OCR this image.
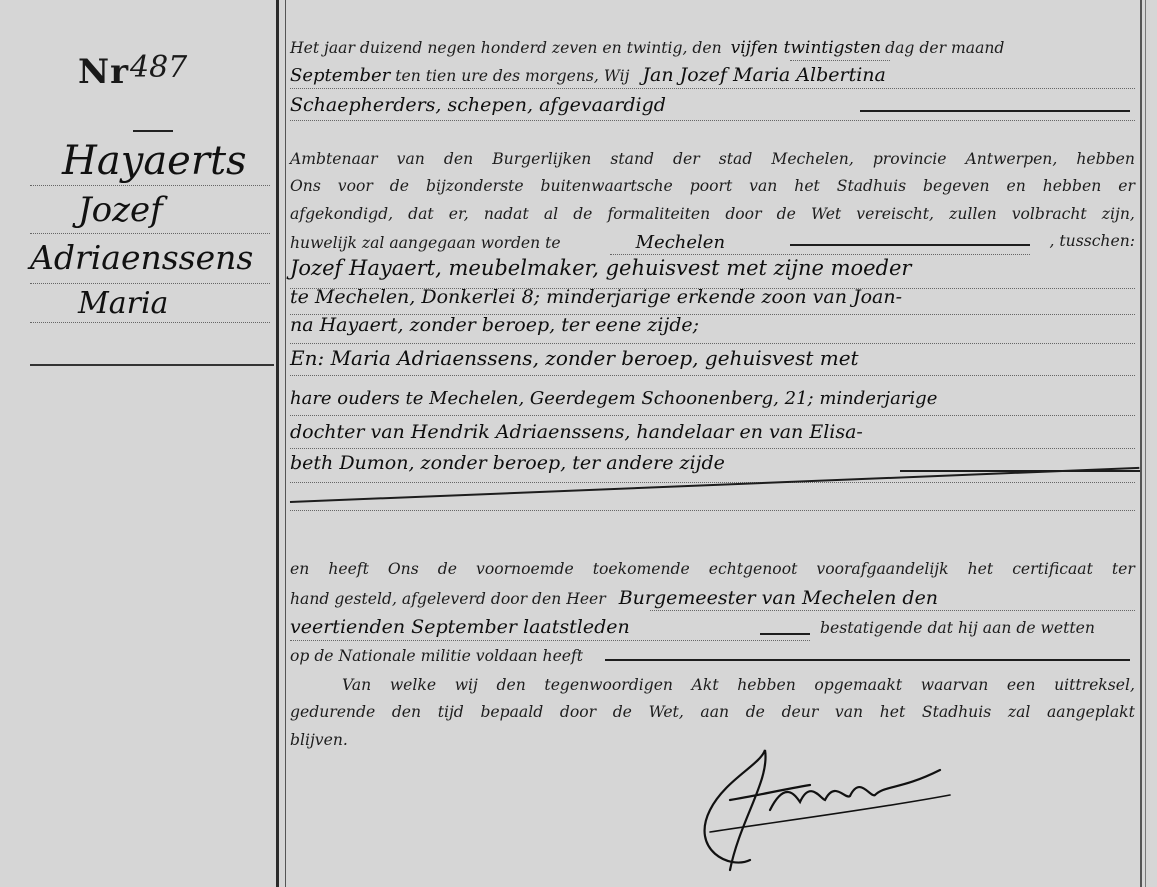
Nr 487
Hayaerts
Jozef
Adriaenssens
Maria
Het jaar duizend negen honderd zeven en twintig, den vijfen twintigsten dag der maand
September ten tien ure des morgens, Wij Jan Jozef Maria Albertina
Schaepherders, schepen, afgevaardigd
Ambtenaar van den Burgerlijken stand der stad Mechelen, provincie Antwerpen, hebben
Ons voor de bijzonderste buitenwaartsche poort van het Stadhuis begeven en hebben er
afgekondigd, dat er, nadat al de formaliteiten door de Wet vereischt, zullen volbracht zijn,
huwelijk zal aangegaan worden te	Mechelen	, tusschen:
Jozef Hayaert, meubelmaker, gehuisvest met zijne moeder
te Mechelen, Donkerlei 8; minderjarige erkende zoon van Joan-
na Hayaert, zonder beroep, ter eene zijde;
En: Maria Adriaenssens, zonder beroep, gehuisvest met
hare ouders te Mechelen, Geerdegem Schoonenberg, 21; minderjarige
dochter van Hendrik Adriaenssens, handelaar en van Elisa-
beth Dumon, zonder beroep, ter andere zijde
en heeft Ons de voornoemde toekomende echtgenoot voorafgaandelijk het certificaat ter
hand gesteld, afgeleverd door den Heer Burgemeester van Mechelen den
veertienden September laatstleden	bestatigende dat hij aan de wetten
op de Nationale militie voldaan heeft
Van welke wij den tegenwoordigen Akt hebben opgemaakt waarvan een uittreksel,
gedurende den tijd bepaald door de Wet, aan de deur van het Stadhuis zal aangeplakt
blijven.
